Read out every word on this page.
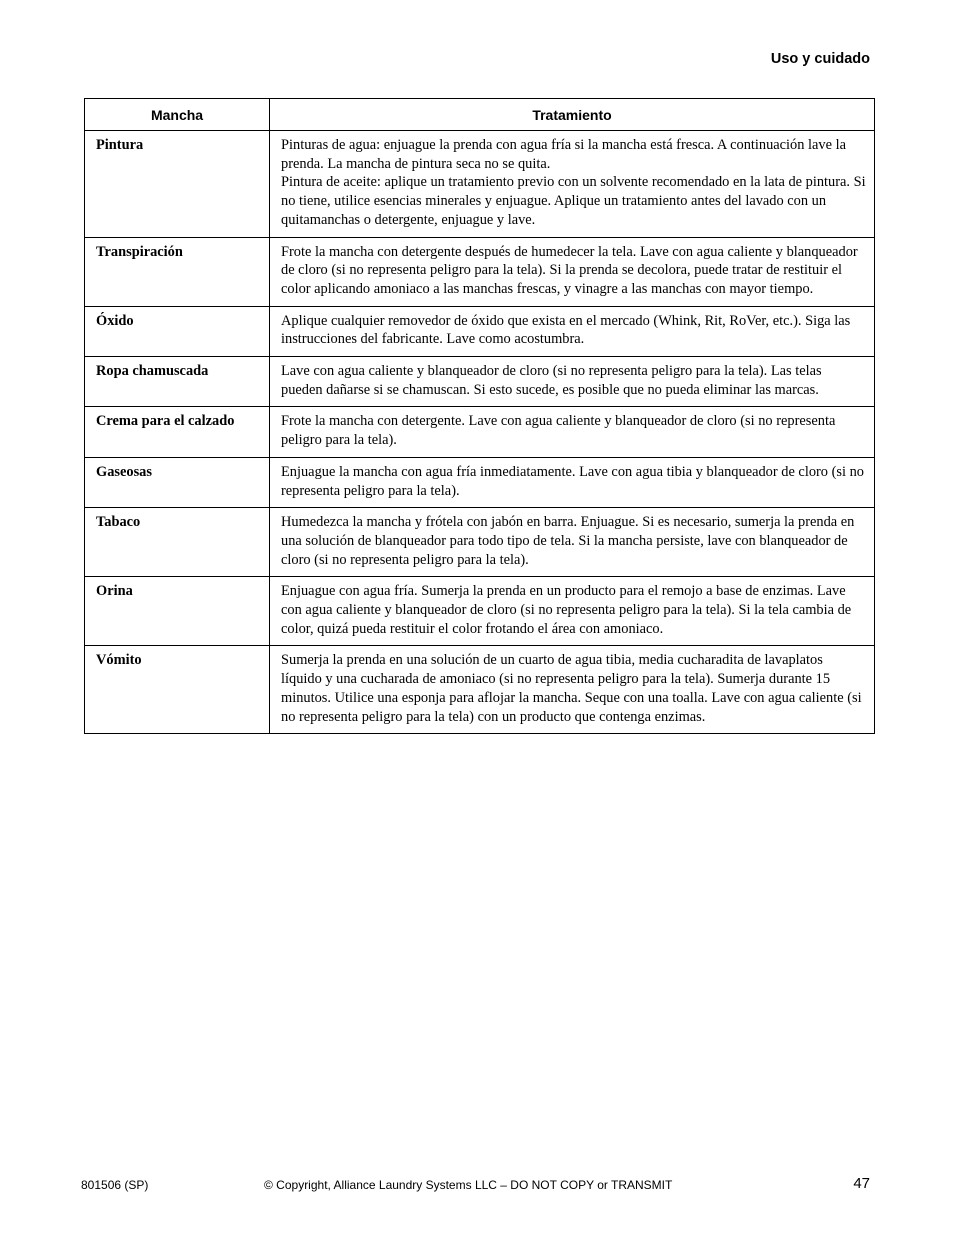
Uso y cuidado
Mancha	Tratamiento
Pintura	Pinturas de agua: enjuague la prenda con agua fría si la mancha está fresca. A continuación lave la prenda. La mancha de pintura seca no se quita.
Pintura de aceite: aplique un tratamiento previo con un solvente recomendado en la lata de pintura. Si no tiene, utilice esencias minerales y enjuague. Aplique un tratamiento antes del lavado con un quitamanchas o detergente, enjuague y lave.

Transpiración	Frote la mancha con detergente después de humedecer la tela. Lave con agua caliente y blanqueador de cloro (si no representa peligro para la tela). Si la prenda se decolora, puede tratar de restituir el color aplicando amoniaco a las manchas frescas, y vinagre a las manchas con mayor tiempo.

Óxido	Aplique cualquier removedor de óxido que exista en el mercado (Whink, Rit, RoVer, etc.). Siga las instrucciones del fabricante. Lave como acostumbra.

Ropa chamuscada	Lave con agua caliente y blanqueador de cloro (si no representa peligro para la tela). Las telas pueden dañarse si se chamuscan. Si esto sucede, es posible que no pueda eliminar las marcas.

Crema para el calzado	Frote la mancha con detergente. Lave con agua caliente y blanqueador de cloro (si no representa peligro para la tela).

Gaseosas	Enjuague la mancha con agua fría inmediatamente. Lave con agua tibia y blanqueador de cloro (si no representa peligro para la tela).

Tabaco	Humedezca la mancha y frótela con jabón en barra. Enjuague. Si es necesario, sumerja la prenda en una solución de blanqueador para todo tipo de tela. Si la mancha persiste, lave con blanqueador de cloro (si no representa peligro para la tela).

Orina	Enjuague con agua fría. Sumerja la prenda en un producto para el remojo a base de enzimas. Lave con agua caliente y blanqueador de cloro (si no representa peligro para la tela). Si la tela cambia de color, quizá pueda restituir el color frotando el área con amoniaco.

Vómito	Sumerja la prenda en una solución de un cuarto de agua tibia, media cucharadita de lavaplatos líquido y una cucharada de amoniaco (si no representa peligro para la tela). Sumerja durante 15 minutos. Utilice una esponja para aflojar la mancha. Seque con una toalla. Lave con agua caliente (si no representa peligro para la tela) con un producto que contenga enzimas.
801506 (SP)	© Copyright, Alliance Laundry Systems LLC – DO NOT COPY or TRANSMIT	47
